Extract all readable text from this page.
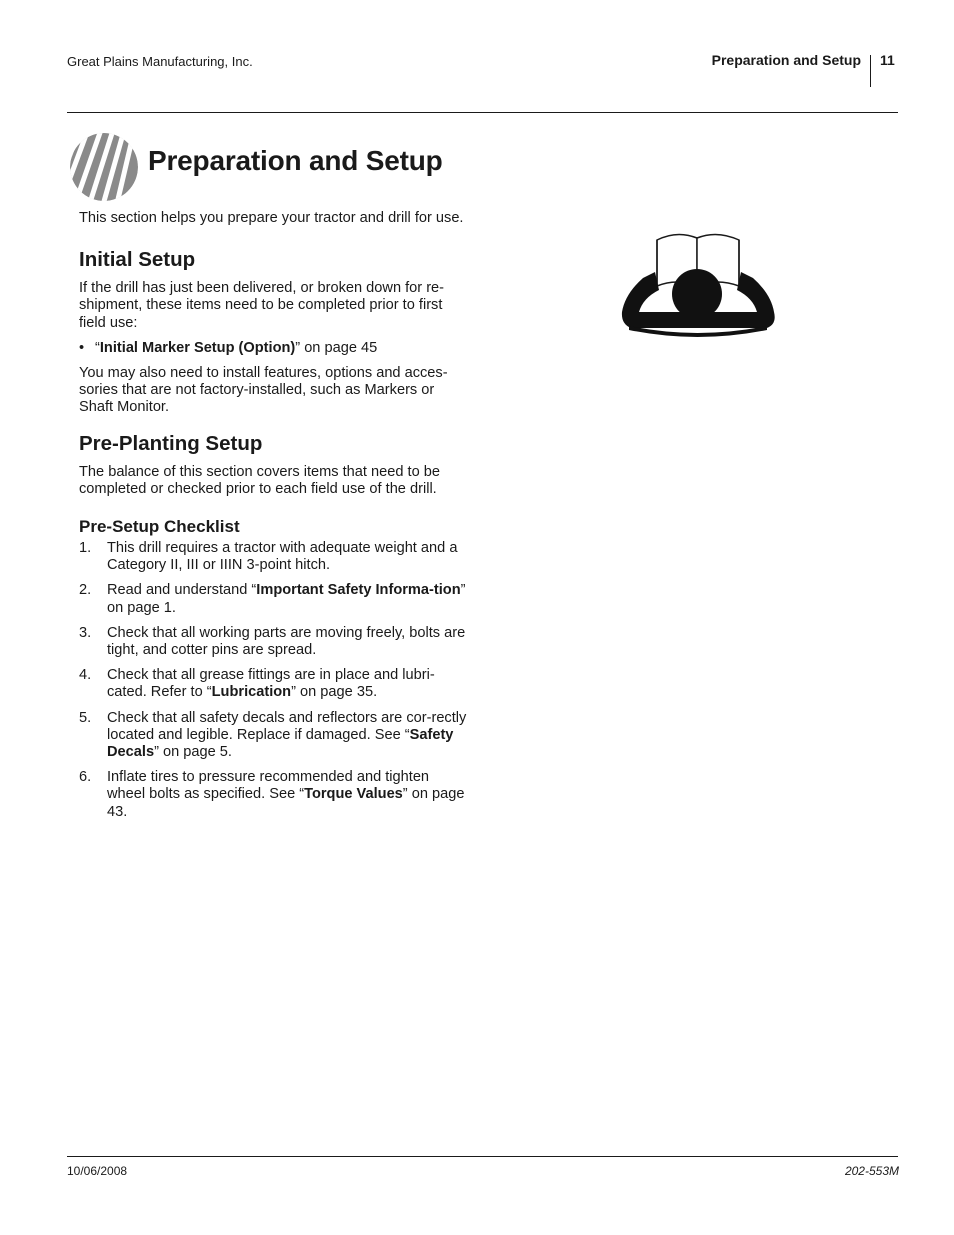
Great Plains Manufacturing, Inc.	Preparation and Setup 11
Preparation and Setup

This section helps you prepare your tractor and drill for use.

Initial Setup

If the drill has just been delivered, or broken down for re-shipment, these items need to be completed prior to first field use:

• “Initial Marker Setup (Option)” on page 45

You may also need to install features, options and acces-sories that are not factory-installed, such as Markers or Shaft Monitor.

Pre-Planting Setup

The balance of this section covers items that need to be completed or checked prior to each field use of the drill.

Pre-Setup Checklist
1. This drill requires a tractor with adequate weight and a Category II, III or IIIN 3-point hitch.
2. Read and understand “Important Safety Informa-tion” on page 1.
3. Check that all working parts are moving freely, bolts are tight, and cotter pins are spread.
4. Check that all grease fittings are in place and lubri-cated. Refer to “Lubrication” on page 35.
5. Check that all safety decals and reflectors are cor-rectly located and legible. Replace if damaged. See “Safety Decals” on page 5.
6. Inflate tires to pressure recommended and tighten wheel bolts as specified. See “Torque Values” on page 43.
10/06/2008	202-553M
